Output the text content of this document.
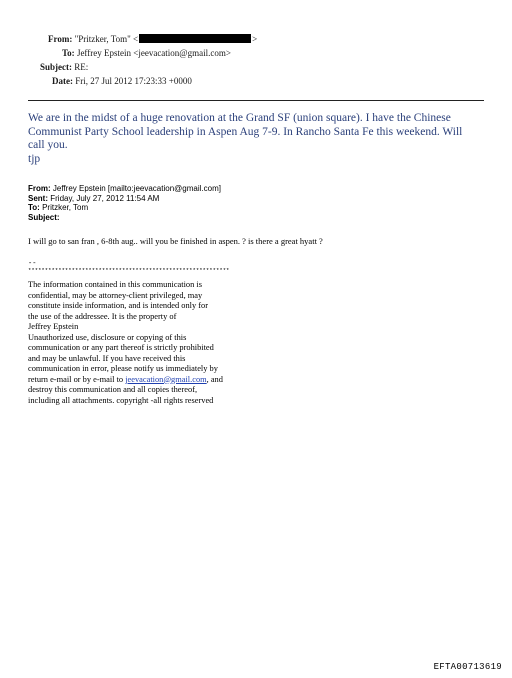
From: "Pritzker, Tom" <	>
To: Jeffrey Epstein <jeevacation@gmail.com>
Subject: RE:
Date: Fri, 27 Jul 2012 17:23:33 +0000

We are in the midst of a huge renovation at the Grand SF (union square). I have the Chinese

Communist Party School leadership in Aspen Aug 7-9. In Rancho Santa Fe this weekend. Will

call you.

tjp

From: Jeffrey Epstein [mailto:jeevacation@gmail.com]
Sent: Friday, July 27, 2012 11:54 AM
To: Pritzker, Tom
Subject:
I will go to san fran , 6-8th aug.. will you be finished in aspen. ? is there a great hyatt ?
--
************************************************************
The information contained in this communication is
confidential, may be attorney-client privileged, may
constitute inside information, and is intended only for
the use of the addressee. It is the property of
Jeffrey Epstein
Unauthorized use, disclosure or copying of this
communication or any part thereof is strictly prohibited
and may be unlawful. If you have received this
communication in error, please notify us immediately by
return e-mail or by e-mail to jeevacation@gmail.com, and
destroy this communication and all copies thereof,
including all attachments. copyright -all rights reserved
EFTA00713619
